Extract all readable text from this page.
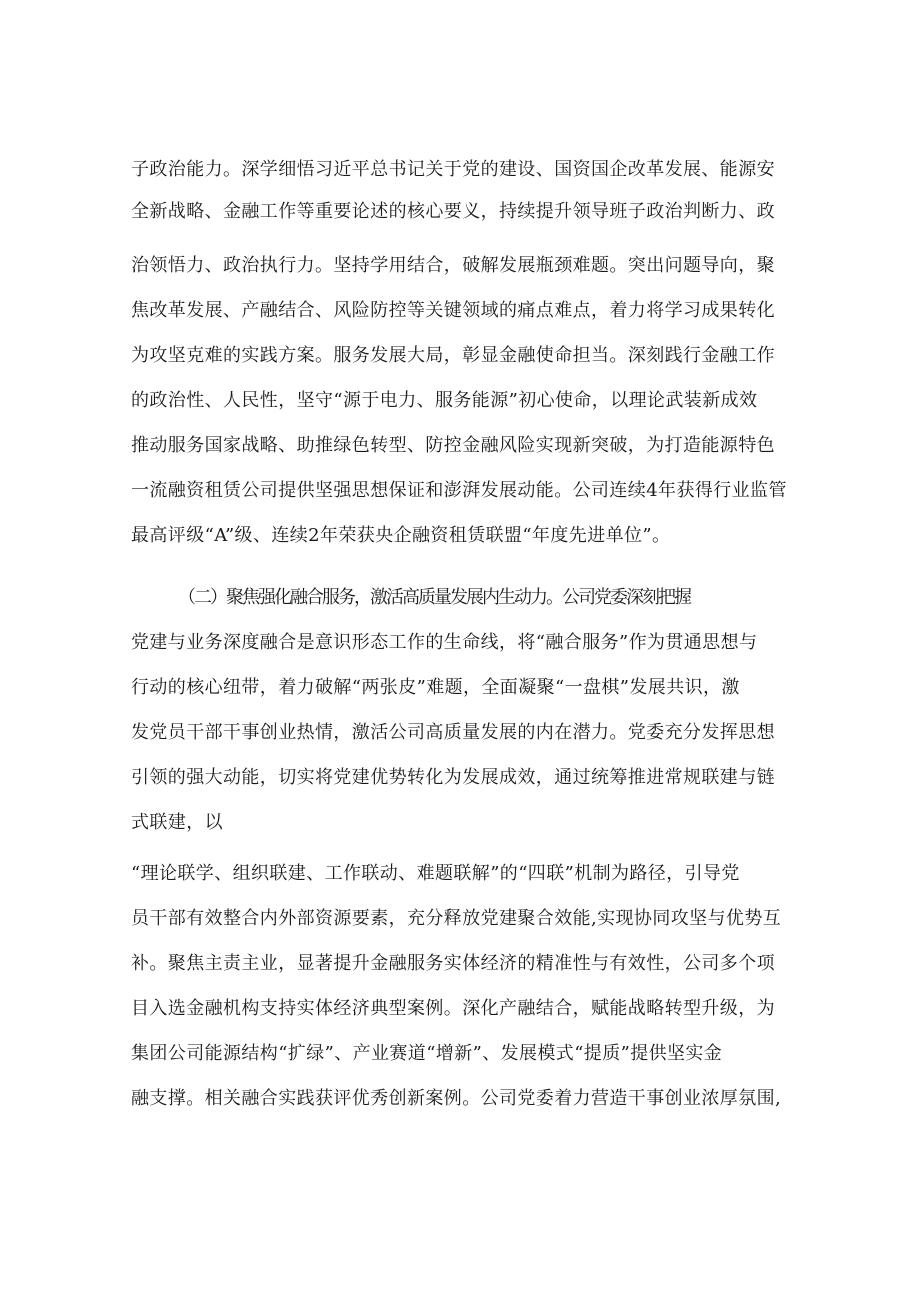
子政治能力。深学细悟习近平总书记关于党的建设、国资国企改革发展、能源安
全新战略、金融工作等重要论述的核心要义，持续提升领导班子政治判断力、政
治领悟力、政治执行力。坚持学用结合，破解发展瓶颈难题。突出问题导向，聚
焦改革发展、产融结合、风险防控等关键领域的痛点难点，着力将学习成果转化
为攻坚克难的实践方案。服务发展大局，彰显金融使命担当。深刻践行金融工作
的政治性、人民性，坚守“源于电力、服务能源”初心使命，以理论武装新成效
推动服务国家战略、助推绿色转型、防控金融风险实现新突破，为打造能源特色
一流融资租赁公司提供坚强思想保证和澎湃发展动能。公司连续4年获得行业监管
最高评级“A”级、连续2年荣获央企融资租赁联盟“年度先进单位”。
（二）聚焦强化融合服务，激活高质量发展内生动力。公司党委深刻把握
党建与业务深度融合是意识形态工作的生命线，将“融合服务”作为贯通思想与
行动的核心纽带，着力破解“两张皮”难题，全面凝聚“一盘棋”发展共识，激
发党员干部干事创业热情，激活公司高质量发展的内在潜力。党委充分发挥思想
引领的强大动能，切实将党建优势转化为发展成效，通过统筹推进常规联建与链
式联建，以
“理论联学、组织联建、工作联动、难题联解”的“四联”机制为路径，引导党
员干部有效整合内外部资源要素，充分释放党建聚合效能,实现协同攻坚与优势互
补。聚焦主责主业，显著提升金融服务实体经济的精准性与有效性，公司多个项
目入选金融机构支持实体经济典型案例。深化产融结合，赋能战略转型升级，为
集团公司能源结构“扩绿”、产业赛道“增新”、发展模式“提质”提供坚实金
融支撑。相关融合实践获评优秀创新案例。公司党委着力营造干事创业浓厚氛围,
